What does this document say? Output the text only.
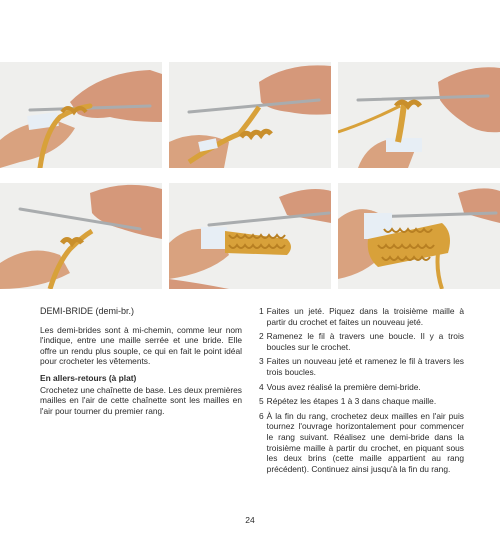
DEMI-BRIDE (demi-br.)

Les demi-brides sont à mi-chemin, comme leur nom l'indique, entre une maille serrée et une bride. Elle offre un rendu plus souple, ce qui en fait le point idéal pour crocheter les vêtements.

En allers-retours (à plat)

Crochetez une chaînette de base. Les deux premières mailles en l'air de cette chaînette sont les mailles en l'air pour tourner du premier rang.

1 Faites un jeté. Piquez dans la troisième maille à partir du crochet et faites un nouveau jeté.
2 Ramenez le fil à travers une boucle. Il y a trois boucles sur le crochet.
3 Faites un nouveau jeté et ramenez le fil à travers les trois boucles.
4 Vous avez réalisé la première demi-bride.
5 Répétez les étapes 1 à 3 dans chaque maille.
6 À la fin du rang, crochetez deux mailles en l'air puis tournez l'ouvrage horizontalement pour commencer le rang suivant. Réalisez une demi-bride dans la troisième maille à partir du crochet, en piquant sous les deux brins (cette maille appartient au rang précédent). Continuez ainsi jusqu'à la fin du rang.
24
